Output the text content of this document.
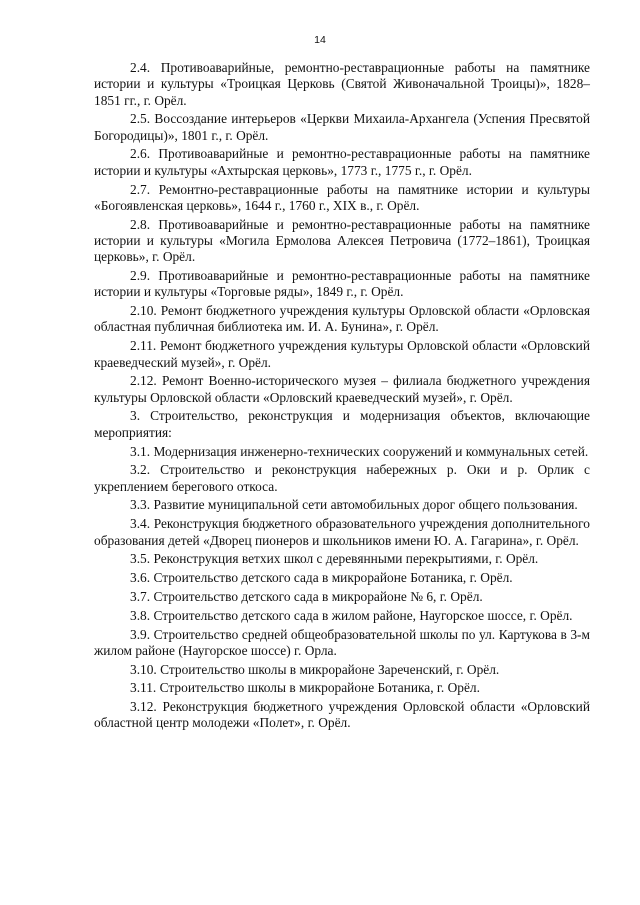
14

2.4. Противоаварийные, ремонтно-реставрационные работы на памятнике истории и культуры «Троицкая Церковь (Святой Живоначальной Троицы)», 1828–1851 гг., г. Орёл.

2.5. Воссоздание интерьеров «Церкви Михаила-Архангела (Успения Пресвятой Богородицы)», 1801 г., г. Орёл.

2.6. Противоаварийные и ремонтно-реставрационные работы на памятнике истории и культуры «Ахтырская церковь», 1773 г., 1775 г., г. Орёл.

2.7. Ремонтно-реставрационные работы на памятнике истории и культуры «Богоявленская церковь», 1644 г., 1760 г., XIX в., г. Орёл.

2.8. Противоаварийные и ремонтно-реставрационные работы на памятнике истории и культуры «Могила Ермолова Алексея Петровича (1772–1861), Троицкая церковь», г. Орёл.

2.9. Противоаварийные и ремонтно-реставрационные работы на памятнике истории и культуры «Торговые ряды», 1849 г., г. Орёл.

2.10. Ремонт бюджетного учреждения культуры Орловской области «Орловская областная публичная библиотека им. И. А. Бунина», г. Орёл.

2.11. Ремонт бюджетного учреждения культуры Орловской области «Орловский краеведческий музей», г. Орёл.

2.12. Ремонт Военно-исторического музея – филиала бюджетного учреждения культуры Орловской области «Орловский краеведческий музей», г. Орёл.

3. Строительство, реконструкция и модернизация объектов, включающие мероприятия:

3.1. Модернизация инженерно-технических сооружений и коммунальных сетей.

3.2. Строительство и реконструкция набережных р. Оки и р. Орлик с укреплением берегового откоса.

3.3. Развитие муниципальной сети автомобильных дорог общего пользования.

3.4. Реконструкция бюджетного образовательного учреждения дополнительного образования детей «Дворец пионеров и школьников имени Ю. А. Гагарина», г. Орёл.

3.5. Реконструкция ветхих школ с деревянными перекрытиями, г. Орёл.

3.6. Строительство детского сада в микрорайоне Ботаника, г. Орёл.

3.7. Строительство детского сада в микрорайоне № 6, г. Орёл.

3.8. Строительство детского сада в жилом районе, Наугорское шоссе, г. Орёл.

3.9. Строительство средней общеобразовательной школы по ул. Картукова в 3-м жилом районе (Наугорское шоссе) г. Орла.

3.10. Строительство школы в микрорайоне Зареченский, г. Орёл.

3.11. Строительство школы в микрорайоне Ботаника, г. Орёл.

3.12. Реконструкция бюджетного учреждения Орловской области «Орловский областной центр молодежи «Полет», г. Орёл.
